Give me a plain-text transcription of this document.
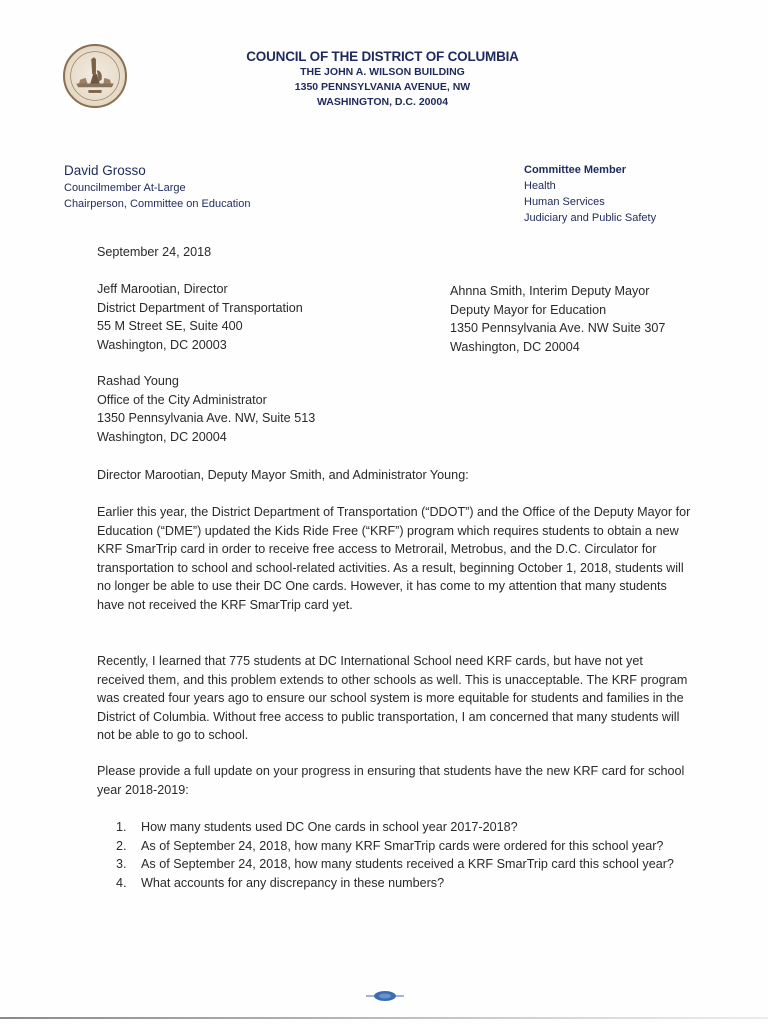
COUNCIL OF THE DISTRICT OF COLUMBIA
THE JOHN A. WILSON BUILDING
1350 PENNSYLVANIA AVENUE, NW
WASHINGTON, D.C. 20004
David Grosso
Councilmember At-Large
Chairperson, Committee on Education
Committee Member
Health
Human Services
Judiciary and Public Safety
September 24, 2018
Jeff Marootian, Director
District Department of Transportation
55 M Street SE, Suite 400
Washington, DC 20003
Ahnna Smith, Interim Deputy Mayor
Deputy Mayor for Education
1350 Pennsylvania Ave. NW Suite 307
Washington, DC 20004
Rashad Young
Office of the City Administrator
1350 Pennsylvania Ave. NW, Suite 513
Washington, DC 20004
Director Marootian, Deputy Mayor Smith, and Administrator Young:

Earlier this year, the District Department of Transportation (“DDOT”) and the Office of the Deputy Mayor for Education (“DME”) updated the Kids Ride Free (“KRF”) program which requires students to obtain a new KRF SmarTrip card in order to receive free access to Metrorail, Metrobus, and the D.C. Circulator for transportation to school and school-related activities. As a result, beginning October 1, 2018, students will no longer be able to use their DC One cards. However, it has come to my attention that many students have not received the KRF SmarTrip card yet.

Recently, I learned that 775 students at DC International School need KRF cards, but have not yet received them, and this problem extends to other schools as well. This is unacceptable. The KRF program was created four years ago to ensure our school system is more equitable for students and families in the District of Columbia. Without free access to public transportation, I am concerned that many students will not be able to go to school.

Please provide a full update on your progress in ensuring that students have the new KRF card for school year 2018-2019:

1. How many students used DC One cards in school year 2017-2018?
2. As of September 24, 2018, how many KRF SmarTrip cards were ordered for this school year?
3. As of September 24, 2018, how many students received a KRF SmarTrip card this school year?
4. What accounts for any discrepancy in these numbers?
